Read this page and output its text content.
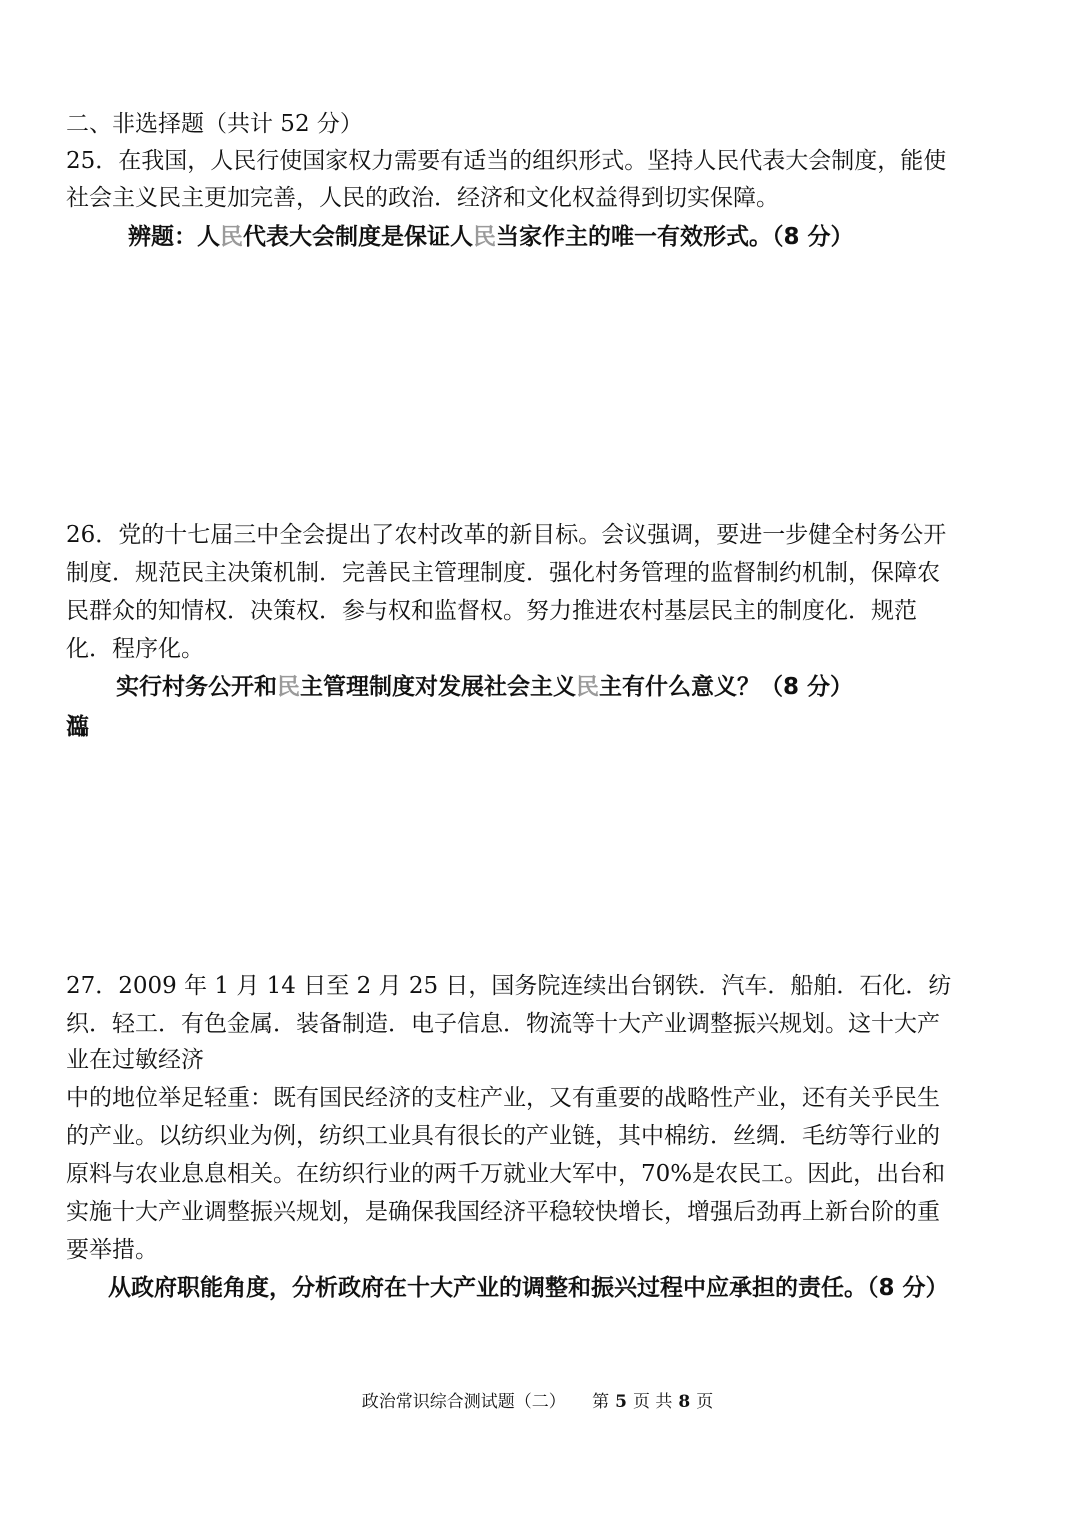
二、非选择题（共计 52 分）
25．在我国，人民行使国家权力需要有适当的组织形式。坚持人民代表大会制度，能使
社会主义民主更加完善，人民的政治．经济和文化权益得到切实保障。
辨题：人民代表大会制度是保证人民当家作主的唯一有效形式。（8 分）
26．党的十七届三中全会提出了农村改革的新目标。会议强调，要进一步健全村务公开
制度．规范民主决策机制．完善民主管理制度．强化村务管理的监督制约机制，保障农
民群众的知情权．决策权．参与权和监督权。努力推进农村基层民主的制度化．规范
化．程序化。
实行村务公开和民主管理制度对发展社会主义民主有什么意义？（8 分）
瀶
27．2009 年 1 月 14 日至 2 月 25 日，国务院连续出台钢铁．汽车．船舶．石化．纺
织．轻工．有色金属．装备制造．电子信息．物流等十大产业调整振兴规划。这十大产
业在过敏经济
中的地位举足轻重：既有国民经济的支柱产业，又有重要的战略性产业，还有关乎民生
的产业。以纺织业为例，纺织工业具有很长的产业链，其中棉纺．丝绸．毛纺等行业的
原料与农业息息相关。在纺织行业的两千万就业大军中，70%是农民工。因此，出台和
实施十大产业调整振兴规划，是确保我国经济平稳较快增长，增强后劲再上新台阶的重
要举措。
从政府职能角度，分析政府在十大产业的调整和振兴过程中应承担的责任。（8 分）
政治常识综合测试题（二） 第 5 页 共 8 页
